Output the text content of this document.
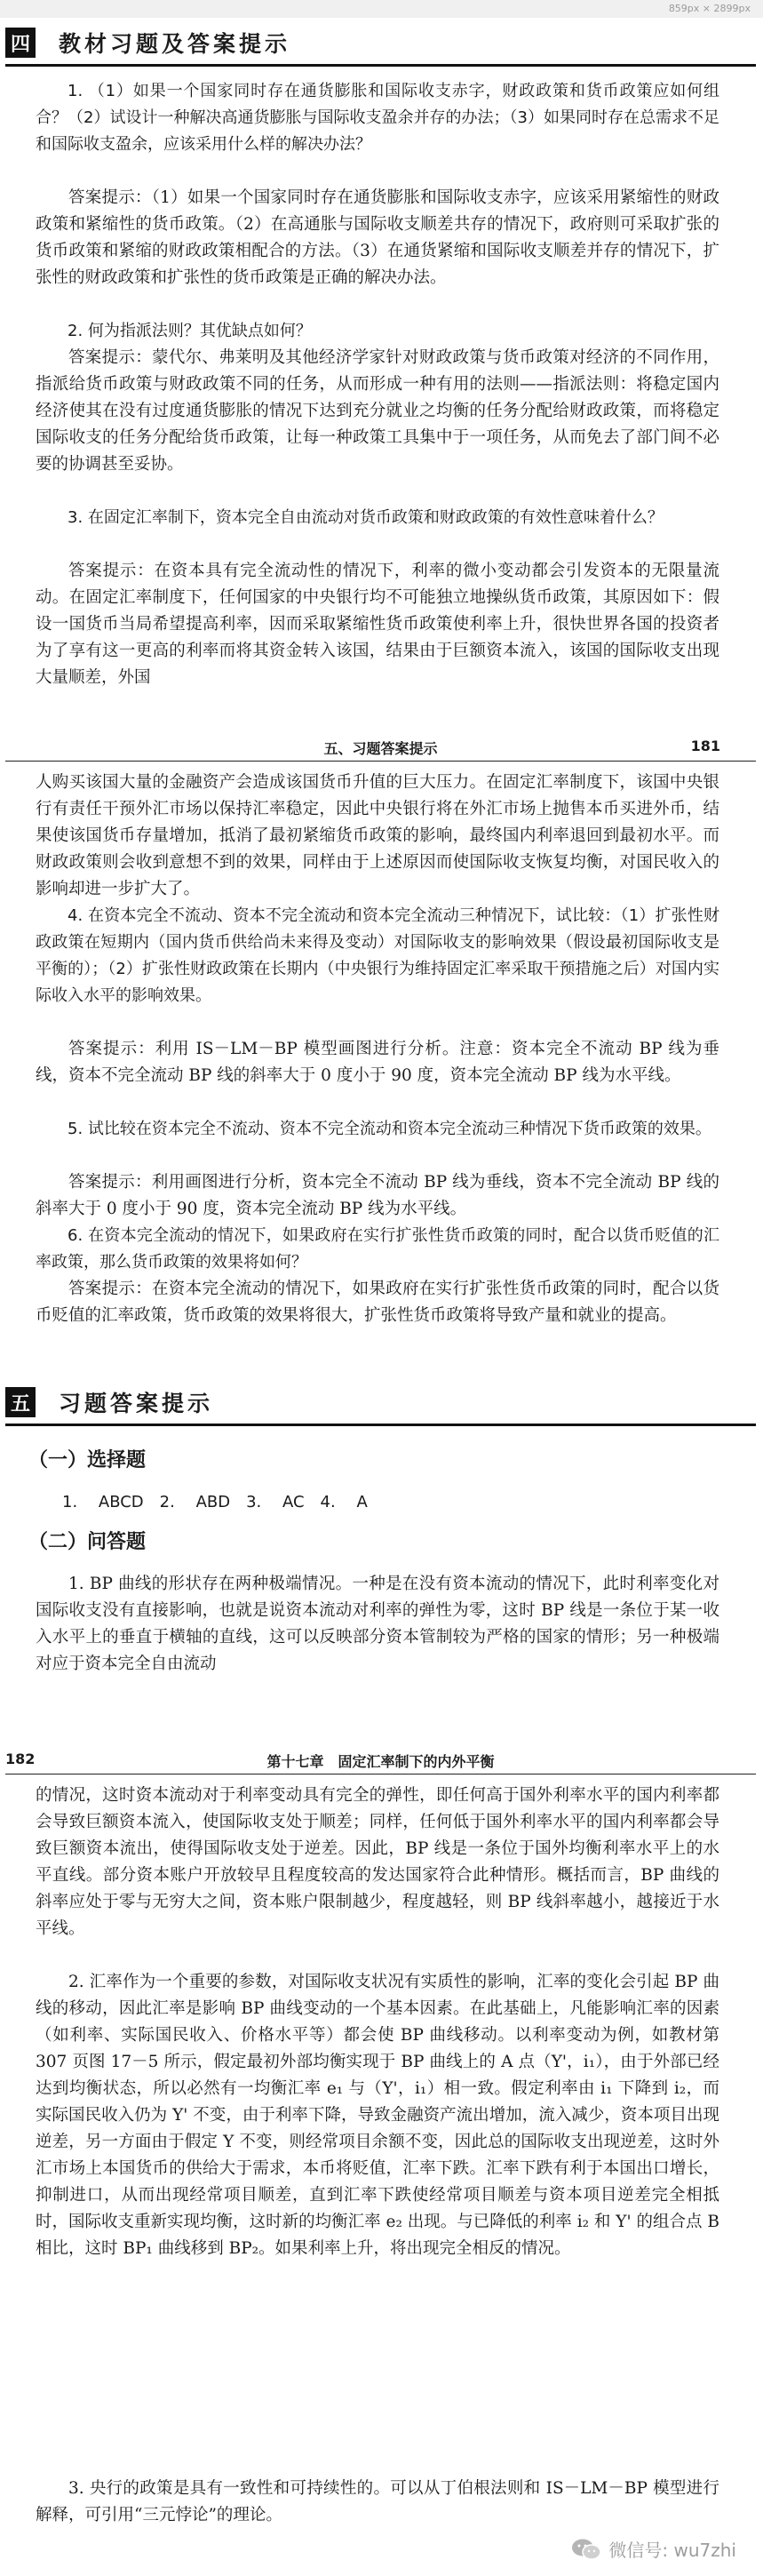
859px × 2899px
四 教材习题及答案提示

1. （1）如果一个国家同时存在通货膨胀和国际收支赤字，财政政策和货币政策应如何组合？（2）试设计一种解决高通货膨胀与国际收支盈余并存的办法；（3）如果同时存在总需求不足和国际收支盈余，应该采用什么样的解决办法？

答案提示：（1）如果一个国家同时存在通货膨胀和国际收支赤字，应该采用紧缩性的财政政策和紧缩性的货币政策。（2）在高通胀与国际收支顺差共存的情况下，政府则可采取扩张的货币政策和紧缩的财政政策相配合的方法。（3）在通货紧缩和国际收支顺差并存的情况下，扩张性的财政政策和扩张性的货币政策是正确的解决办法。

2. 何为指派法则？其优缺点如何？

答案提示：蒙代尔、弗莱明及其他经济学家针对财政政策与货币政策对经济的不同作用，指派给货币政策与财政政策不同的任务，从而形成一种有用的法则——指派法则：将稳定国内经济使其在没有过度通货膨胀的情况下达到充分就业之均衡的任务分配给财政政策，而将稳定国际收支的任务分配给货币政策，让每一种政策工具集中于一项任务，从而免去了部门间不必要的协调甚至妥协。

3. 在固定汇率制下，资本完全自由流动对货币政策和财政政策的有效性意味着什么？

答案提示：在资本具有完全流动性的情况下，利率的微小变动都会引发资本的无限量流动。在固定汇率制度下，任何国家的中央银行均不可能独立地操纵货币政策，其原因如下：假设一国货币当局希望提高利率，因而采取紧缩性货币政策使利率上升，很快世界各国的投资者为了享有这一更高的利率而将其资金转入该国，结果由于巨额资本流入，该国的国际收支出现大量顺差，外国

五、习题答案提示	181

人购买该国大量的金融资产会造成该国货币升值的巨大压力。在固定汇率制度下，该国中央银行有责任干预外汇市场以保持汇率稳定，因此中央银行将在外汇市场上抛售本币买进外币，结果使该国货币存量增加，抵消了最初紧缩货币政策的影响，最终国内利率退回到最初水平。而财政政策则会收到意想不到的效果，同样由于上述原因而使国际收支恢复均衡，对国民收入的影响却进一步扩大了。

4. 在资本完全不流动、资本不完全流动和资本完全流动三种情况下，试比较：（1）扩张性财政政策在短期内（国内货币供给尚未来得及变动）对国际收支的影响效果（假设最初国际收支是平衡的）；（2）扩张性财政政策在长期内（中央银行为维持固定汇率采取干预措施之后）对国内实际收入水平的影响效果。

答案提示：利用 IS－LM－BP 模型画图进行分析。注意：资本完全不流动 BP 线为垂线，资本不完全流动 BP 线的斜率大于 0 度小于 90 度，资本完全流动 BP 线为水平线。

5. 试比较在资本完全不流动、资本不完全流动和资本完全流动三种情况下货币政策的效果。

答案提示：利用画图进行分析，资本完全不流动 BP 线为垂线，资本不完全流动 BP 线的斜率大于 0 度小于 90 度，资本完全流动 BP 线为水平线。

6. 在资本完全流动的情况下，如果政府在实行扩张性货币政策的同时，配合以货币贬值的汇率政策，那么货币政策的效果将如何？

答案提示：在资本完全流动的情况下，如果政府在实行扩张性货币政策的同时，配合以货币贬值的汇率政策，货币政策的效果将很大，扩张性货币政策将导致产量和就业的提高。

五 习题答案提示
（一）选择题
1. ABCD　2. ABD　3. AC　4. A
（二）问答题

1. BP 曲线的形状存在两种极端情况。一种是在没有资本流动的情况下，此时利率变化对国际收支没有直接影响，也就是说资本流动对利率的弹性为零，这时 BP 线是一条位于某一收入水平上的垂直于横轴的直线，这可以反映部分资本管制较为严格的国家的情形；另一种极端对应于资本完全自由流动

182	第十七章　固定汇率制下的内外平衡

的情况，这时资本流动对于利率变动具有完全的弹性，即任何高于国外利率水平的国内利率都会导致巨额资本流入，使国际收支处于顺差；同样，任何低于国外利率水平的国内利率都会导致巨额资本流出，使得国际收支处于逆差。因此，BP 线是一条位于国外均衡利率水平上的水平直线。部分资本账户开放较早且程度较高的发达国家符合此种情形。概括而言，BP 曲线的斜率应处于零与无穷大之间，资本账户限制越少，程度越轻，则 BP 线斜率越小，越接近于水平线。

2. 汇率作为一个重要的参数，对国际收支状况有实质性的影响，汇率的变化会引起 BP 曲线的移动，因此汇率是影响 BP 曲线变动的一个基本因素。在此基础上，凡能影响汇率的因素（如利率、实际国民收入、价格水平等）都会使 BP 曲线移动。以利率变动为例，如教材第 307 页图 17－5 所示，假定最初外部均衡实现于 BP 曲线上的 A 点（Y'，i₁），由于外部已经达到均衡状态，所以必然有一均衡汇率 e₁ 与（Y'，i₁）相一致。假定利率由 i₁ 下降到 i₂，而实际国民收入仍为 Y' 不变，由于利率下降，导致金融资产流出增加，流入减少，资本项目出现逆差，另一方面由于假定 Y 不变，则经常项目余额不变，因此总的国际收支出现逆差，这时外汇市场上本国货币的供给大于需求，本币将贬值，汇率下跌。汇率下跌有利于本国出口增长，抑制进口，从而出现经常项目顺差，直到汇率下跌使经常项目顺差与资本项目逆差完全相抵时，国际收支重新实现均衡，这时新的均衡汇率 e₂ 出现。与已降低的利率 i₂ 和 Y' 的组合点 B 相比，这时 BP₁ 曲线移到 BP₂。如果利率上升，将出现完全相反的情况。

3. 央行的政策是具有一致性和可持续性的。可以从丁伯根法则和 IS－LM－BP 模型进行解释，可引用“三元悖论”的理论。

微信号: wu7zhi
